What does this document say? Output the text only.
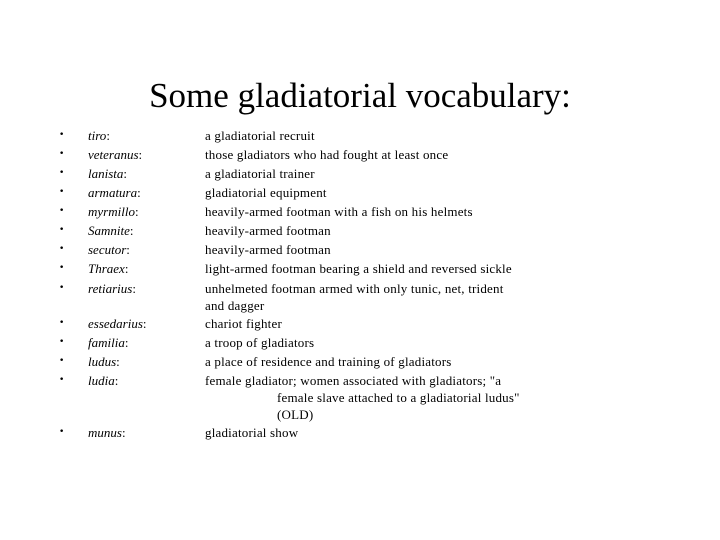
Some gladiatorial vocabulary:
• tiro:	a gladiatorial recruit
• veteranus:	those gladiators who had fought at least once
• lanista:	a gladiatorial trainer
• armatura:	gladiatorial equipment
• myrmillo:	heavily-armed footman with a fish on his helmets
• Samnite:	heavily-armed footman
• secutor:	heavily-armed footman
• Thraex:	light-armed footman bearing a shield and reversed sickle
• retiarius:	unhelmeted footman armed with only tunic, net, trident
and dagger
• essedarius:	chariot fighter
• familia:	a troop of gladiators
• ludus:	a place of residence and training of gladiators
• ludia:	female gladiator; women associated with gladiators; "a
female slave attached to a gladiatorial ludus"
(OLD)
• munus:	gladiatorial show
